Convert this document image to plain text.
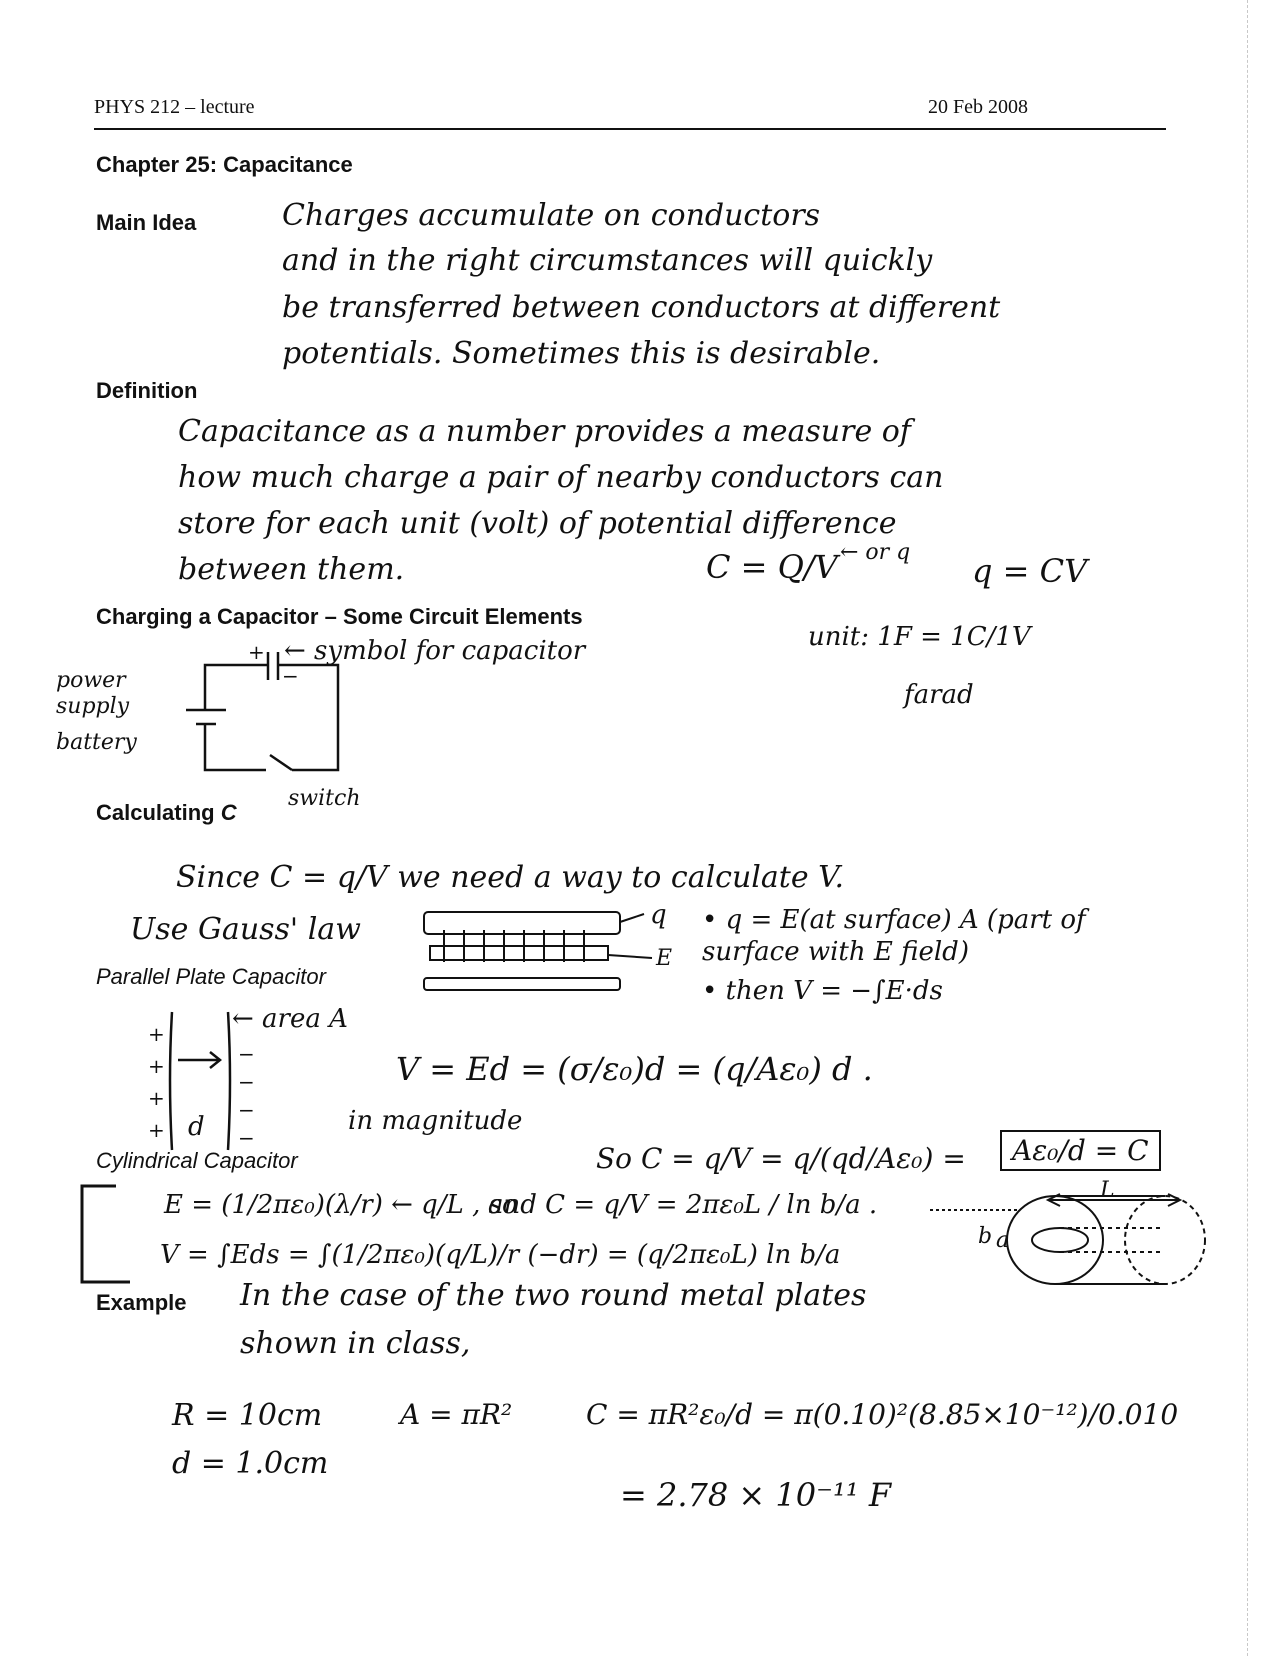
PHYS 212 – lecture	20 Feb 2008
Chapter 25: Capacitance
Main Idea	Charges accumulate on conductors
and in the right circumstances will quickly
be transferred between conductors at different
potentials. Sometimes this is desirable.
Definition
Capacitance as a number provides a measure of
how much charge a pair of nearby conductors can
store for each unit (volt) of potential difference
between them.	C = Q/V ← or q q = CV
unit: 1F = 1C/1V
farad
Charging a Capacitor – Some Circuit Elements
← symbol for capacitor
power supply
battery
switch
+
−
Calculating C
Since C = q/V we need a way to calculate V.
Use Gauss' law	q
E
• q = E(at surface) A (part of surface with E field)
• then V = −∫E·ds
Parallel Plate Capacitor
+
+
+
+
−
−
−
−
← area A
d
V = Ed = (σ/ε₀)d = (q/Aε₀) d .
in magnitude
So C = q/V = q/(qd/Aε₀) =	Aε₀/d = C
Cylindrical Capacitor
E = (1/2πε₀)(λ/r) ← q/L , so
and C = q/V = 2πε₀L / ln b/a .
V = ∫Eds = ∫(1/2πε₀)(q/L)/r (−dr) = (q/2πε₀L) ln b/a
L
b a
Example In the case of the two round metal plates
shown in class,
R = 10cm
d = 1.0cm
A = πR²	C = πR²ε₀/d = π(0.10)²(8.85×10⁻¹²)/0.010
= 2.78 × 10⁻¹¹ F
